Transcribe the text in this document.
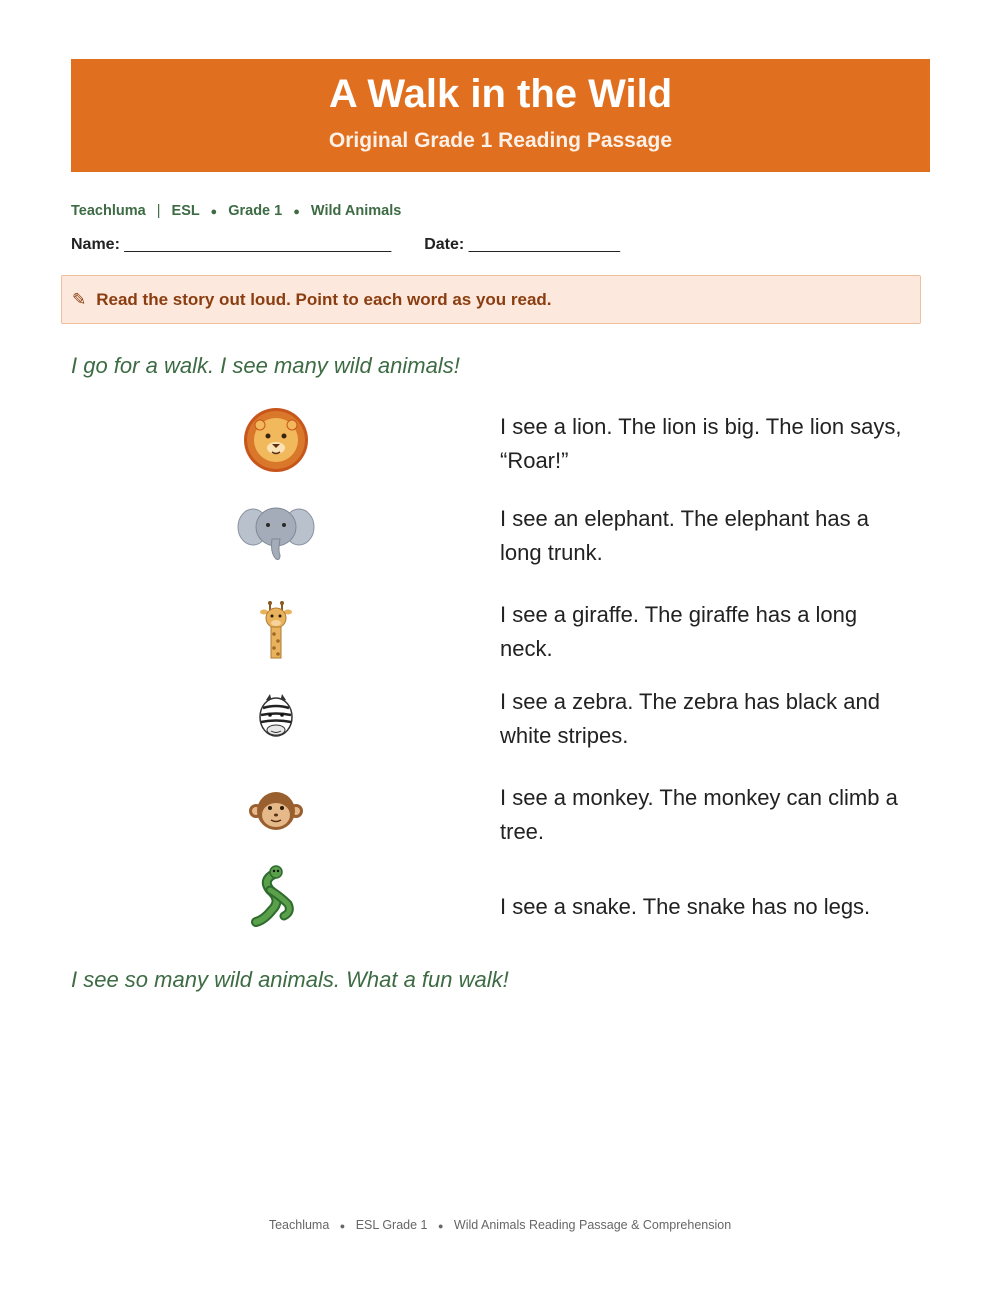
A Walk in the Wild
Original Grade 1 Reading Passage
Teachluma | ESL ● Grade 1 ● Wild Animals
Name: ______________________________ Date: _________________
✎ Read the story out loud. Point to each word as you read.
I go for a walk. I see many wild animals!
I see a lion. The lion is big. The lion says, “Roar!”
I see an elephant. The elephant has a long trunk.
I see a giraffe. The giraffe has a long neck.
I see a zebra. The zebra has black and white stripes.
I see a monkey. The monkey can climb a tree.
I see a snake. The snake has no legs.
I see so many wild animals. What a fun walk!
Teachluma ● ESL Grade 1 ● Wild Animals Reading Passage & Comprehension
